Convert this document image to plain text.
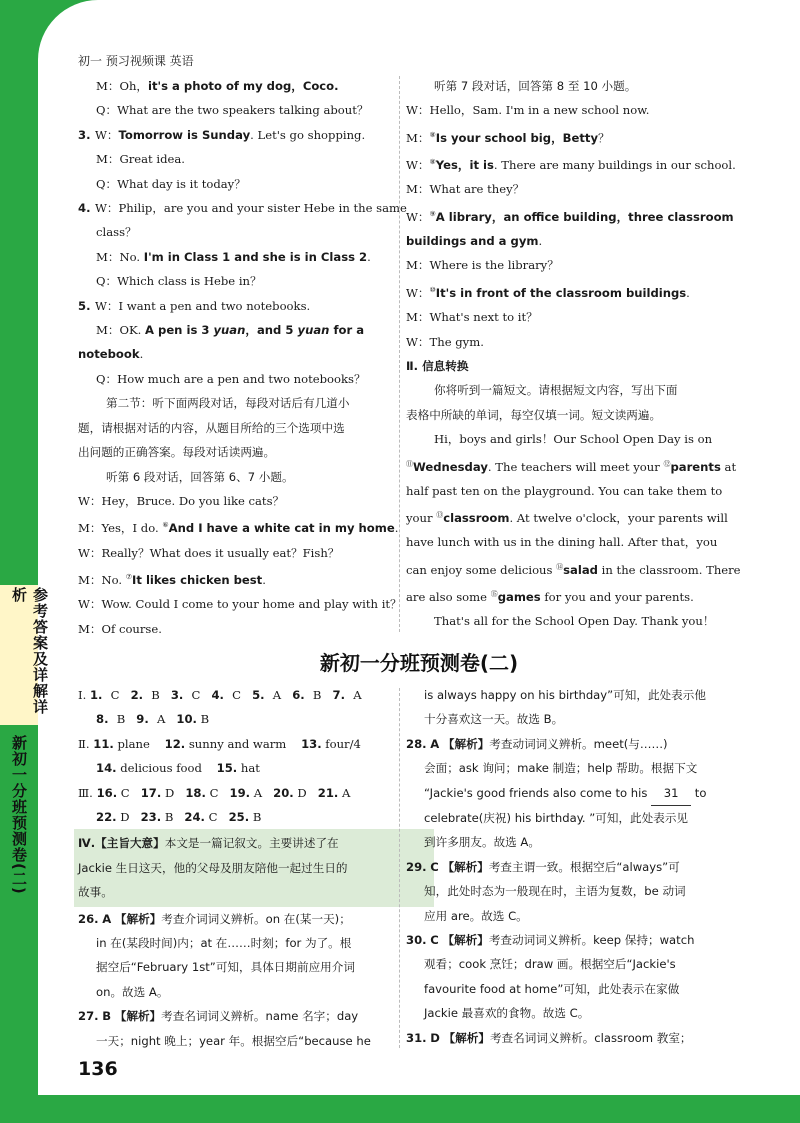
初一 预习视频课 英语
M：Oh，it's a photo of my dog，Coco.
Q：What are the two speakers talking about？
3. W：Tomorrow is Sunday. Let's go shopping.
M：Great idea.
Q：What day is it today？
4. W：Philip，are you and your sister Hebe in the same
class？
M：No. I'm in Class 1 and she is in Class 2.
Q：Which class is Hebe in？
5. W：I want a pen and two notebooks.
M：OK. A pen is 3 yuan，and 5 yuan for a
notebook.
Q：How much are a pen and two notebooks？
第二节：听下面两段对话，每段对话后有几道小
题，请根据对话的内容，从题目所给的三个选项中选
出问题的正确答案。每段对话读两遍。
听第 6 段对话，回答第 6、7 小题。
W：Hey，Bruce. Do you like cats？
M：Yes，I do. ⑥And I have a white cat in my home.
W：Really？What does it usually eat？Fish？
M：No. ⑦It likes chicken best.
W：Wow. Could I come to your home and play with it？
M：Of course.
听第 7 段对话，回答第 8 至 10 小题。
W：Hello，Sam. I'm in a new school now.
M：⑧Is your school big，Betty？
W：⑧Yes，it is. There are many buildings in our school.
M：What are they？
W：⑨A library，an office building，three classroom
buildings and a gym.
M：Where is the library？
W：⑩It's in front of the classroom buildings.
M：What's next to it？
W：The gym.
Ⅱ. 信息转换
你将听到一篇短文。请根据短文内容，写出下面
表格中所缺的单词，每空仅填一词。短文读两遍。
Hi，boys and girls！Our School Open Day is on
⑪Wednesday. The teachers will meet your ⑫parents at
half past ten on the playground. You can take them to
your ⑬classroom. At twelve o'clock，your parents will
have lunch with us in the dining hall. After that，you
can enjoy some delicious ⑭salad in the classroom. There
are also some ⑮games for you and your parents.
That's all for the School Open Day. Thank you！
新初一分班预测卷(二)
Ⅰ. 1. C 2. B 3. C 4. C 5. A 6. B 7. A
8. B 9. A 10. B
Ⅱ. 11. plane 12. sunny and warm 13. four/4
14. delicious food 15. hat
Ⅲ. 16. C 17. D 18. C 19. A 20. D 21. A
22. D 23. B 24. C 25. B
Ⅳ.【主旨大意】本文是一篇记叙文。主要讲述了在
Jackie 生日这天，他的父母及朋友陪他一起过生日的
故事。
26. A 【解析】考查介词词义辨析。on 在(某一天)；
in 在(某段时间)内；at 在……时刻；for 为了。根
据空后“February 1st”可知，具体日期前应用介词
on。故选 A。
27. B 【解析】考查名词词义辨析。name 名字；day
一天；night 晚上；year 年。根据空后“because he
is always happy on his birthday”可知，此处表示他
十分喜欢这一天。故选 B。
28. A 【解析】考查动词词义辨析。meet(与……)
会面；ask 询问；make 制造；help 帮助。根据下文
“Jackie's good friends also come to his 31 to
celebrate(庆祝) his birthday. ”可知，此处表示见
到许多朋友。故选 A。
29. C 【解析】考查主谓一致。根据空后“always”可
知，此处时态为一般现在时，主语为复数，be 动词
应用 are。故选 C。
30. C 【解析】考查动词词义辨析。keep 保持；watch
观看；cook 烹饪；draw 画。根据空后“Jackie's
favourite food at home”可知，此处表示在家做
Jackie 最喜欢的食物。故选 C。
31. D 【解析】考查名词词义辨析。classroom 教室；
136
参考答案及详解详析
新初一分班预测卷(二)
